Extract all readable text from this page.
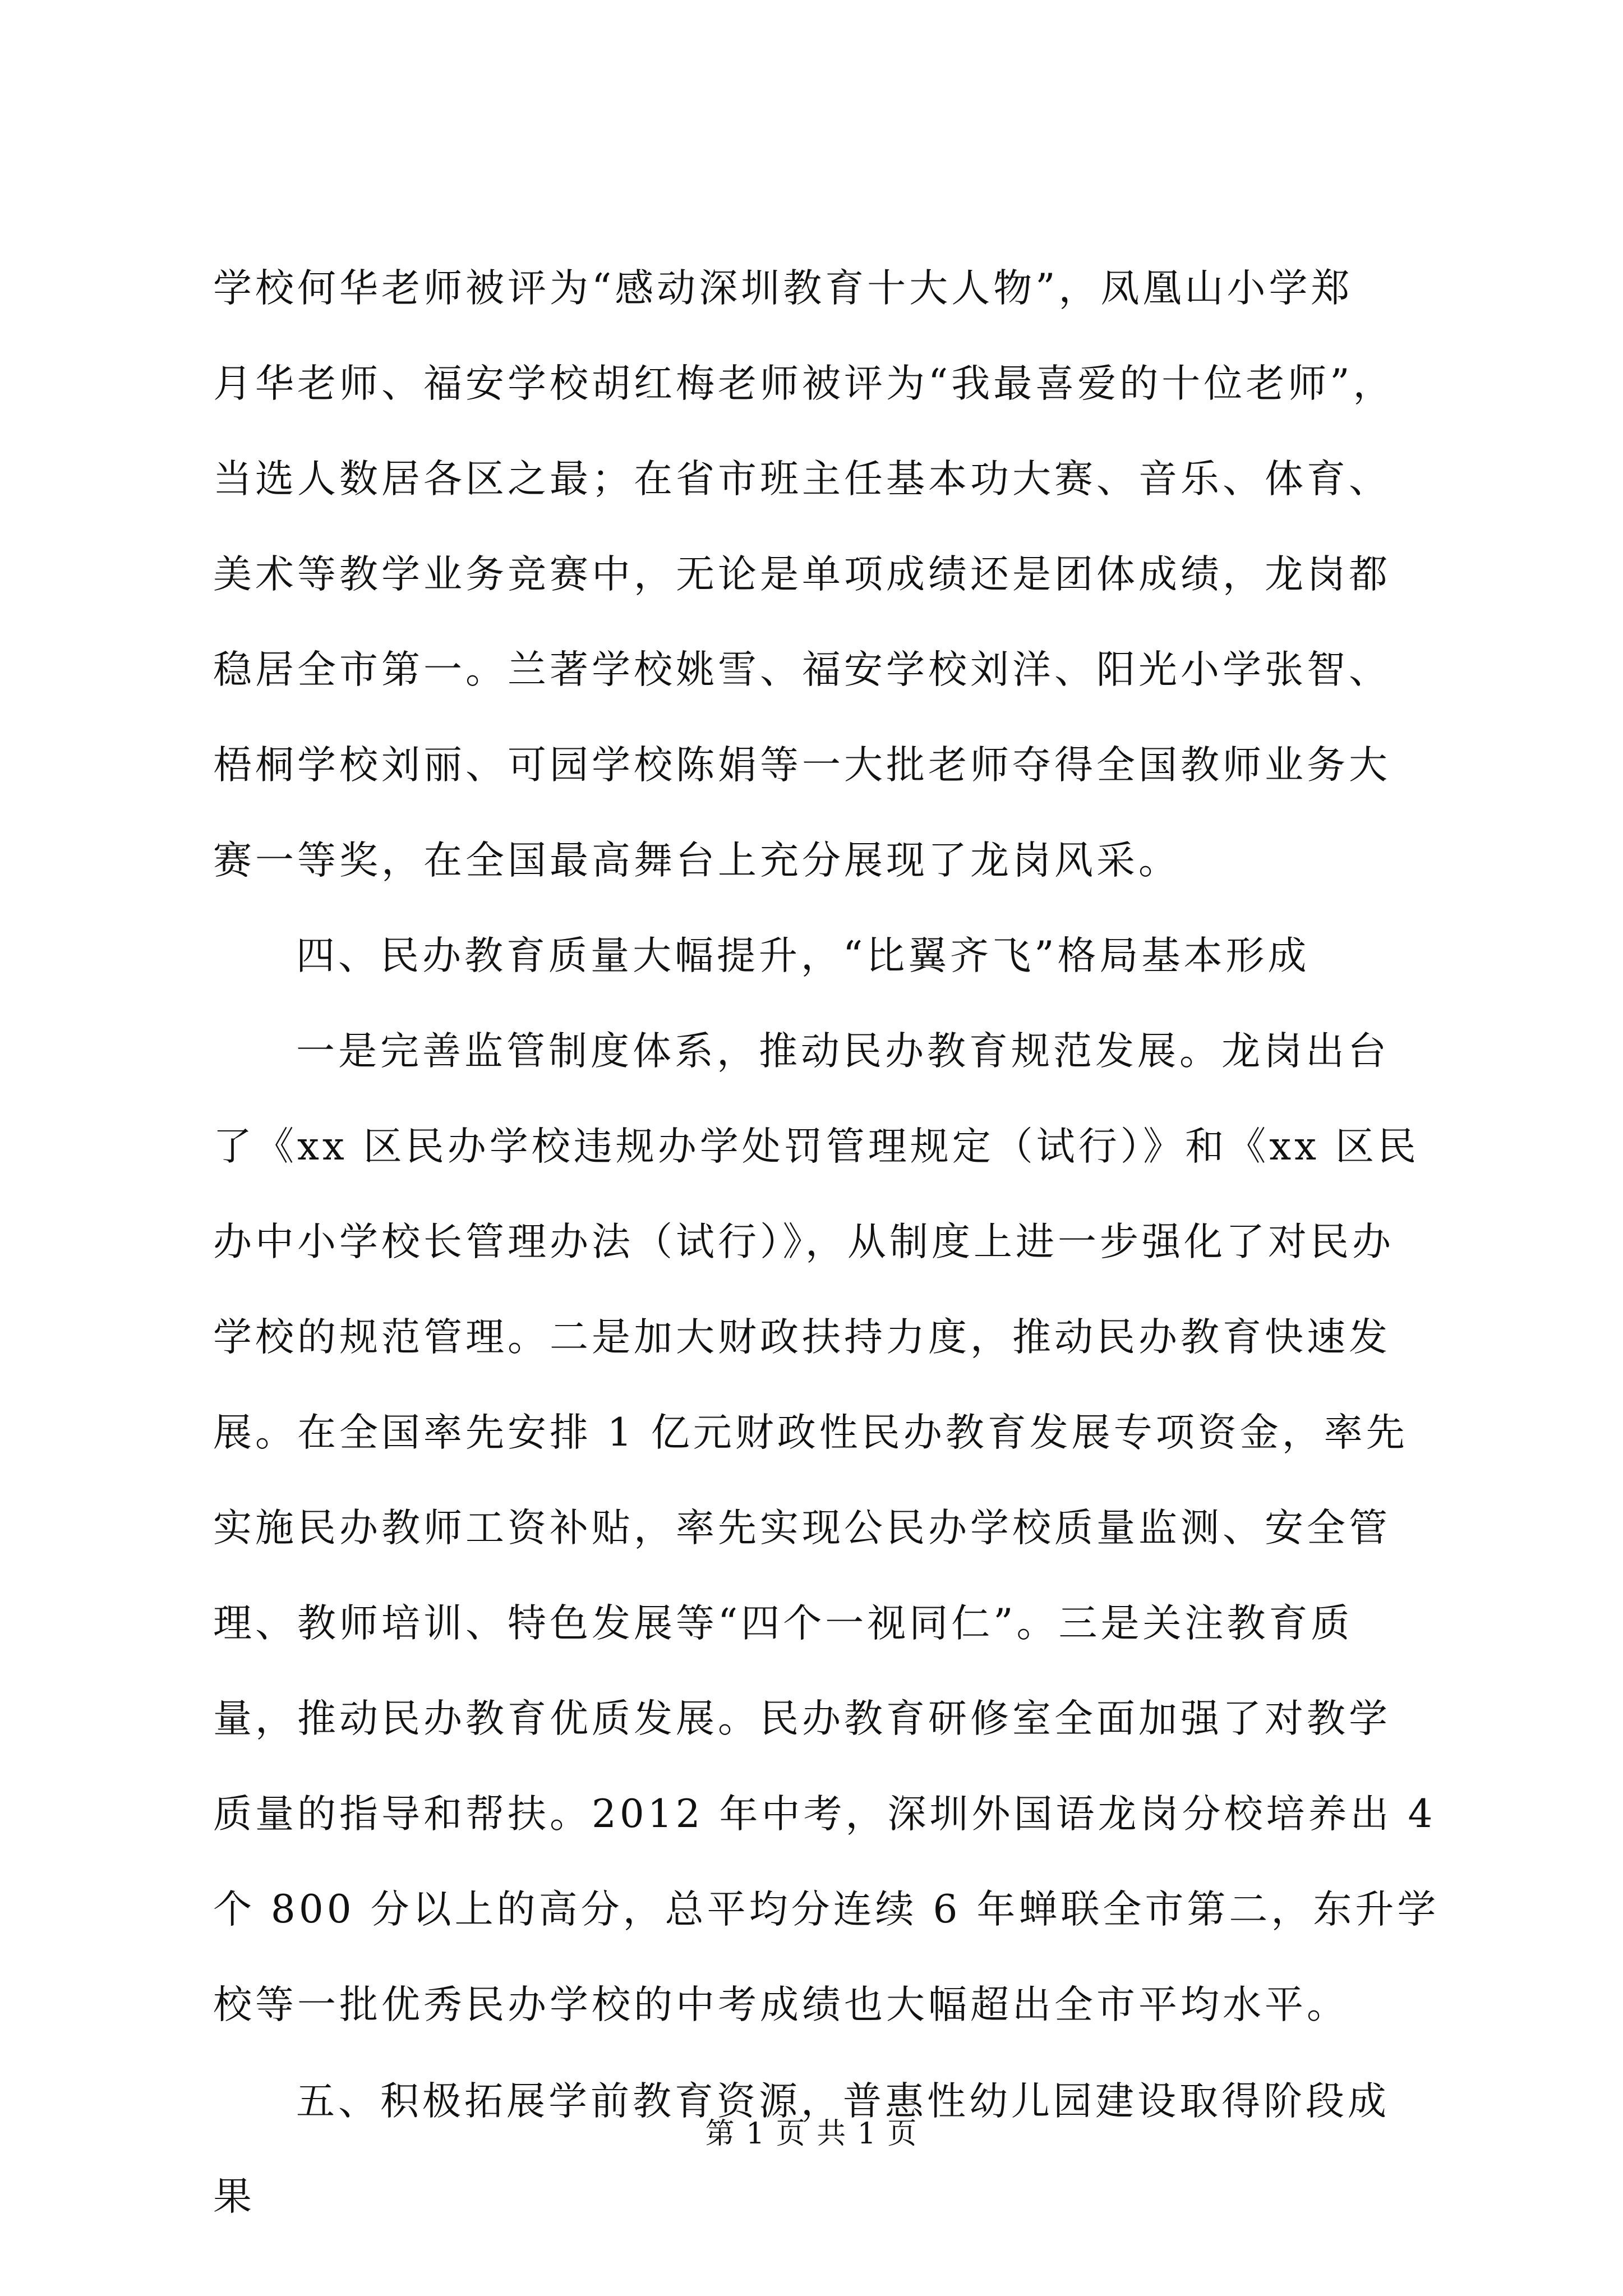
学校何华老师被评为“感动深圳教育十大人物”，凤凰山小学郑
月华老师、福安学校胡红梅老师被评为“我最喜爱的十位老师”，
当选人数居各区之最；在省市班主任基本功大赛、音乐、体育、
美术等教学业务竞赛中，无论是单项成绩还是团体成绩，龙岗都
稳居全市第一。兰著学校姚雪、福安学校刘洋、阳光小学张智、
梧桐学校刘丽、可园学校陈娟等一大批老师夺得全国教师业务大
赛一等奖，在全国最高舞台上充分展现了龙岗风采。
四、民办教育质量大幅提升，“比翼齐飞”格局基本形成
一是完善监管制度体系，推动民办教育规范发展。龙岗出台
了《xx 区民办学校违规办学处罚管理规定（试行）》和《xx 区民
办中小学校长管理办法（试行）》，从制度上进一步强化了对民办
学校的规范管理。二是加大财政扶持力度，推动民办教育快速发
展。在全国率先安排 1 亿元财政性民办教育发展专项资金，率先
实施民办教师工资补贴，率先实现公民办学校质量监测、安全管
理、教师培训、特色发展等“四个一视同仁”。三是关注教育质
量，推动民办教育优质发展。民办教育研修室全面加强了对教学
质量的指导和帮扶。2012 年中考，深圳外国语龙岗分校培养出 4
个 800 分以上的高分，总平均分连续 6 年蝉联全市第二，东升学
校等一批优秀民办学校的中考成绩也大幅超出全市平均水平。
五、积极拓展学前教育资源，普惠性幼儿园建设取得阶段成
果
第 1 页 共 1 页
